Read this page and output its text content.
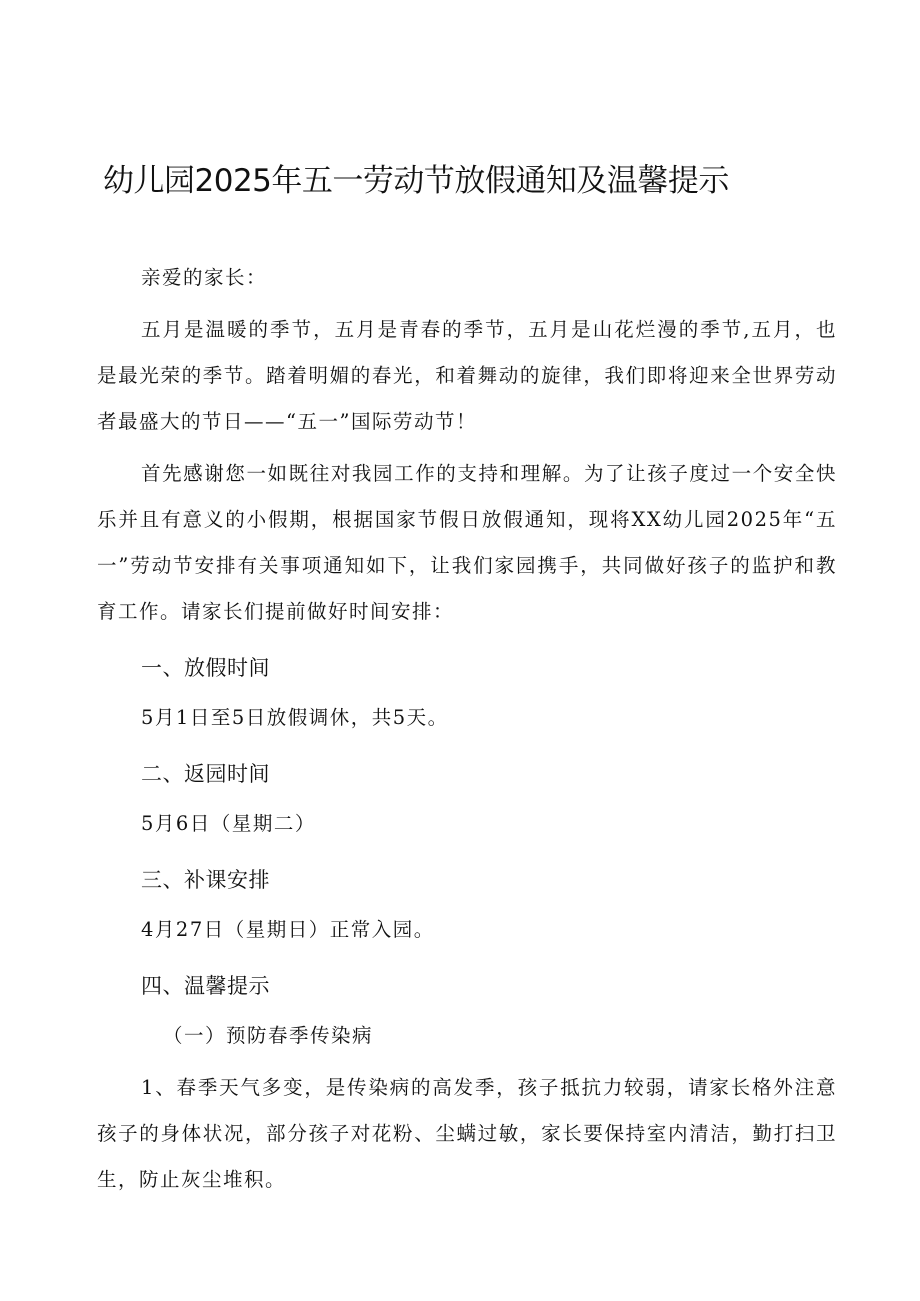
幼儿园2025年五一劳动节放假通知及温馨提示

亲爱的家长：

五月是温暖的季节，五月是青春的季节，五月是山花烂漫的季节,五月，也是最光荣的季节。踏着明媚的春光，和着舞动的旋律，我们即将迎来全世界劳动者最盛大的节日——“五一”国际劳动节！

首先感谢您一如既往对我园工作的支持和理解。为了让孩子度过一个安全快乐并且有意义的小假期，根据国家节假日放假通知，现将XX幼儿园2025年“五一”劳动节安排有关事项通知如下，让我们家园携手，共同做好孩子的监护和教育工作。请家长们提前做好时间安排：

一、放假时间

5月1日至5日放假调休，共5天。

二、返园时间

5月6日（星期二）

三、补课安排

4月27日（星期日）正常入园。

四、温馨提示

（一）预防春季传染病

1、春季天气多变，是传染病的高发季，孩子抵抗力较弱，请家长格外注意孩子的身体状况，部分孩子对花粉、尘螨过敏，家长要保持室内清洁，勤打扫卫生，防止灰尘堆积。
